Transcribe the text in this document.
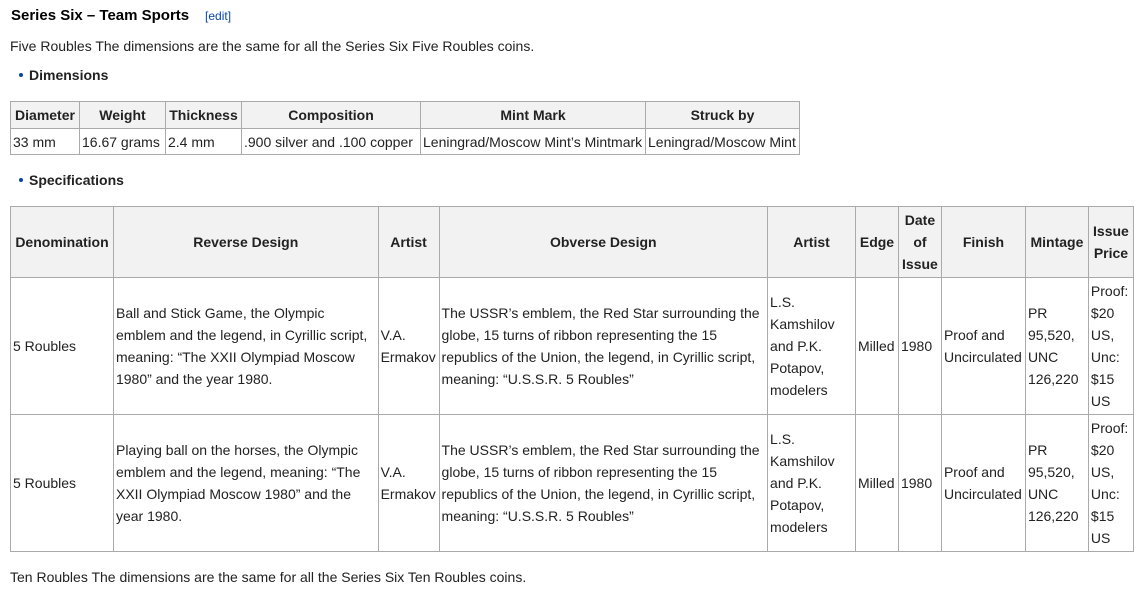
Series Six – Team Sports [edit]
Five Roubles The dimensions are the same for all the Series Six Five Roubles coins.
Dimensions
Diameter	Weight	Thickness	Composition	Mint Mark	Struck by
33 mm	16.67 grams	2.4 mm	.900 silver and .100 copper	Leningrad/Moscow Mint’s Mintmark	Leningrad/Moscow Mint
Specifications
Denomination	Reverse Design	Artist	Obverse Design	Artist	Edge	Date of Issue	Finish	Mintage	Issue Price
5 Roubles	Ball and Stick Game, the Olympic emblem and the legend, in Cyrillic script, meaning: “The XXII Olympiad Moscow 1980” and the year 1980.	V.A. Ermakov	The USSR’s emblem, the Red Star surrounding the globe, 15 turns of ribbon representing the 15 republics of the Union, the legend, in Cyrillic script, meaning: “U.S.S.R. 5 Roubles”	L.S. Kamshilov and P.K. Potapov, modelers	Milled	1980	Proof and Uncirculated	PR 95,520, UNC 126,220	Proof: $20 US, Unc: $15 US
5 Roubles	Playing ball on the horses, the Olympic emblem and the legend, meaning: “The XXII Olympiad Moscow 1980” and the year 1980.	V.A. Ermakov	The USSR’s emblem, the Red Star surrounding the globe, 15 turns of ribbon representing the 15 republics of the Union, the legend, in Cyrillic script, meaning: “U.S.S.R. 5 Roubles”	L.S. Kamshilov and P.K. Potapov, modelers	Milled	1980	Proof and Uncirculated	PR 95,520, UNC 126,220	Proof: $20 US, Unc: $15 US
Ten Roubles The dimensions are the same for all the Series Six Ten Roubles coins.
